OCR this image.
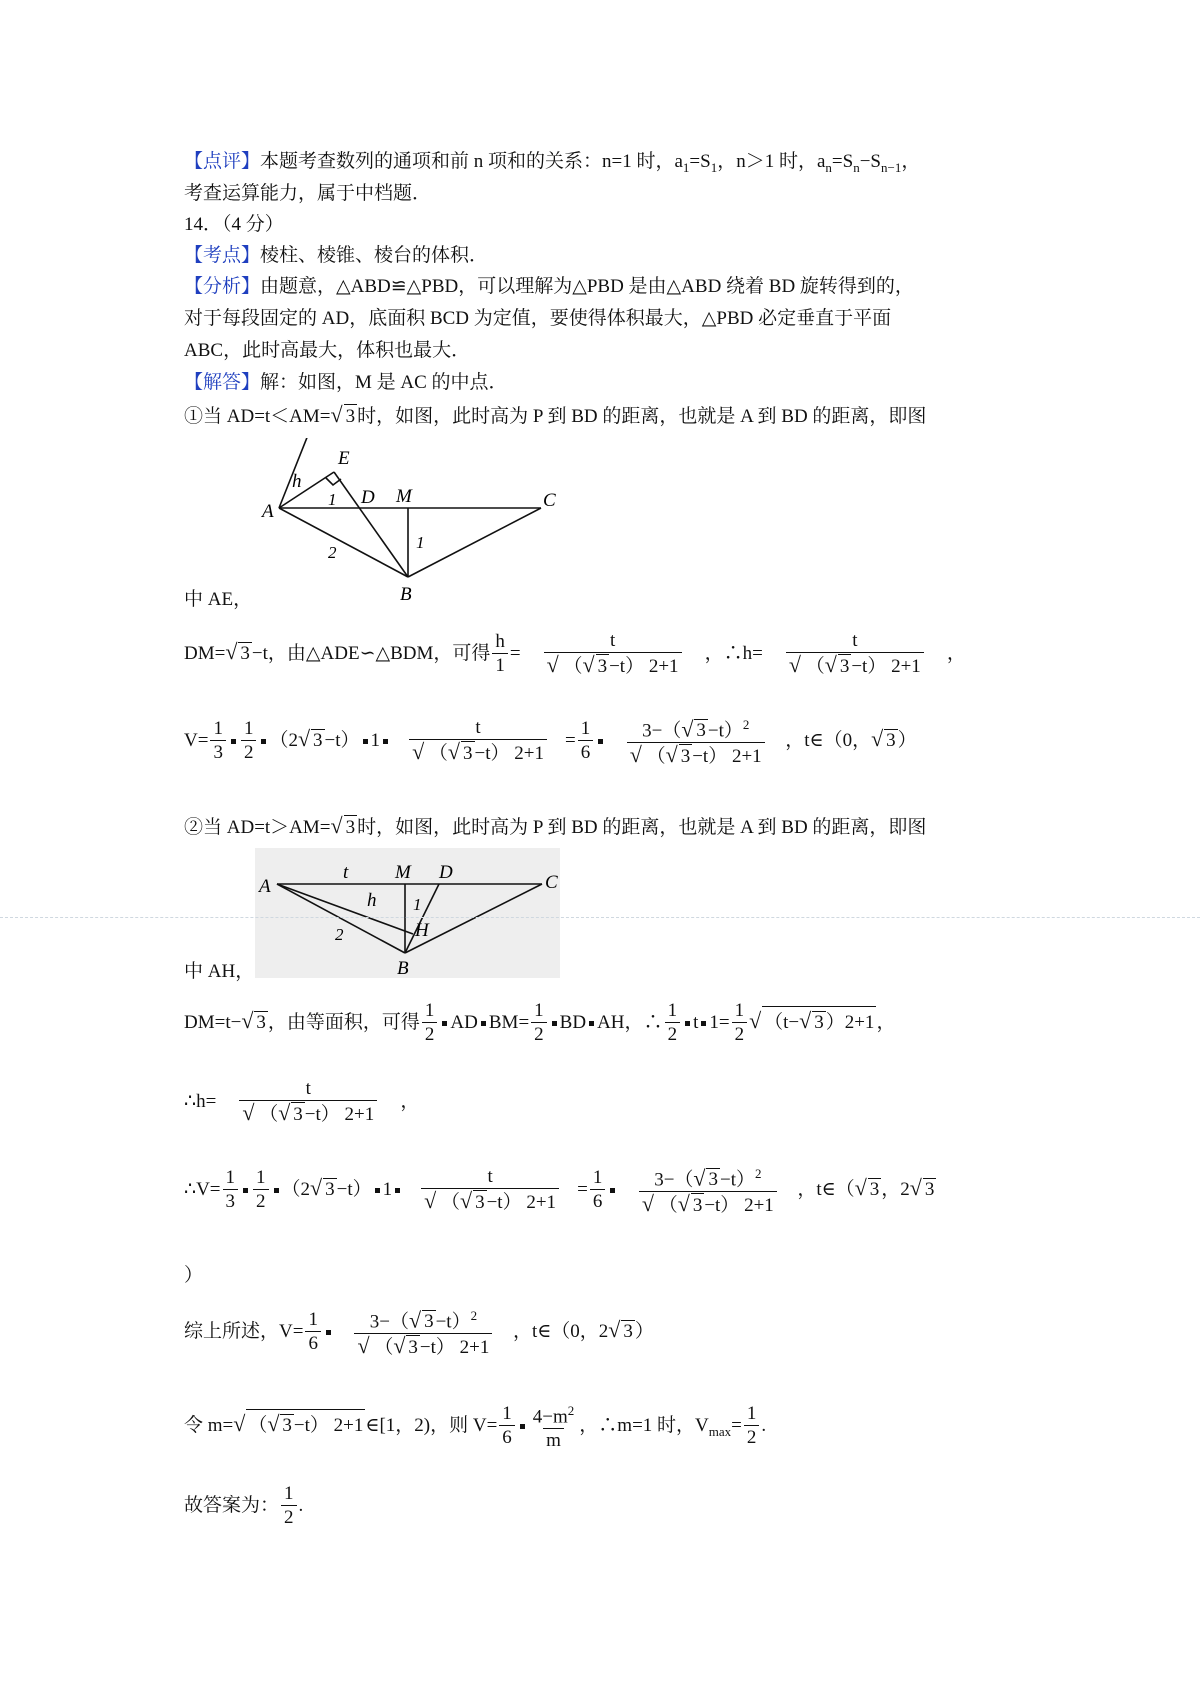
【点评】本题考查数列的通项和前 n 项和的关系：n=1 时，$a_1=S_1$，n＞1 时，$a_n=S_n-S_{n-1}$，
考查运算能力，属于中档题．
14．（4 分）
【考点】棱柱、棱锥、棱台的体积．
【分析】由题意，△ABD≌△PBD，可以理解为△PBD 是由△ABD 绕着 BD 旋转得到的，
对于每段固定的 AD，底面积 BCD 为定值，要使得体积最大，△PBD 必定垂直于平面
ABC，此时高最大，体积也最大．
【解答】解：如图，M 是 AC 的中点．
①当 AD=t＜AM=√ 3 时，如图，此时高为 P 到 BD 的距离，也就是 A 到 BD 的距离，即图
E
h
A
1 D M	C
1
2
B
中 AE，
DM=√ 3 −t，由△ADE∽△BDM，可得 $\frac{h}{1} = \frac{t}{√ (√ 3 -t) 2+1}$ ，∴h= $\frac{t}{√ (√ 3 -t) 2+1}$ ，
$V= \frac{1}{3} \frac{1}{2} (2√$ 3 −t） $1 \frac{t}{√ (√ 3 -t) 2+1} = \frac{1}{6} \frac{3-(√ 3 -t)^2}{√ (√ 3 -t) 2+1}$ ，t∈（0，√ 3 ）
②当 AD=t＞AM=√ 3 时，如图，此时高为 P 到 BD 的距离，也就是 A 到 BD 的距离，即图
A
t M D	C
h 1
H
2
B
中 AH，
DM=t−√ 3 ，由等面积，可得 $\frac{1}{2}$ AD $BM= \frac{1}{2}$ BD AH，∴ $\frac{1}{2}$ t $1= \frac{1}{2}$ √ （t−√ 3 ）2+1 ，
∴h= $\frac{t}{√ (√ 3 -t) 2+1}$ ，
∴V= $\frac{1}{3} \frac{1}{2} (2√$ 3 −t） $1 \frac{t}{√ (√ 3 -t) 2+1} = \frac{1}{6} \frac{3-(√ 3 -t)^2}{√ (√ 3 -t) 2+1}$ ，t∈（√ 3 ，2√ 3
）
综上所述，$V= \frac{1}{6} \frac{3-(√ 3 -t)^2}{√ (√ 3 -t) 2+1}$ ，t∈（0，2√ 3 ）
令 m=√ （√ 3 −t） 2+1 ∈[1，2)，则 $V= \frac{1}{6} \frac{4-m^2}{m}$ ，∴m=1 时，$V_{max}= \frac{1}{2}$ .
故答案为： $\frac{1}{2}$ .
